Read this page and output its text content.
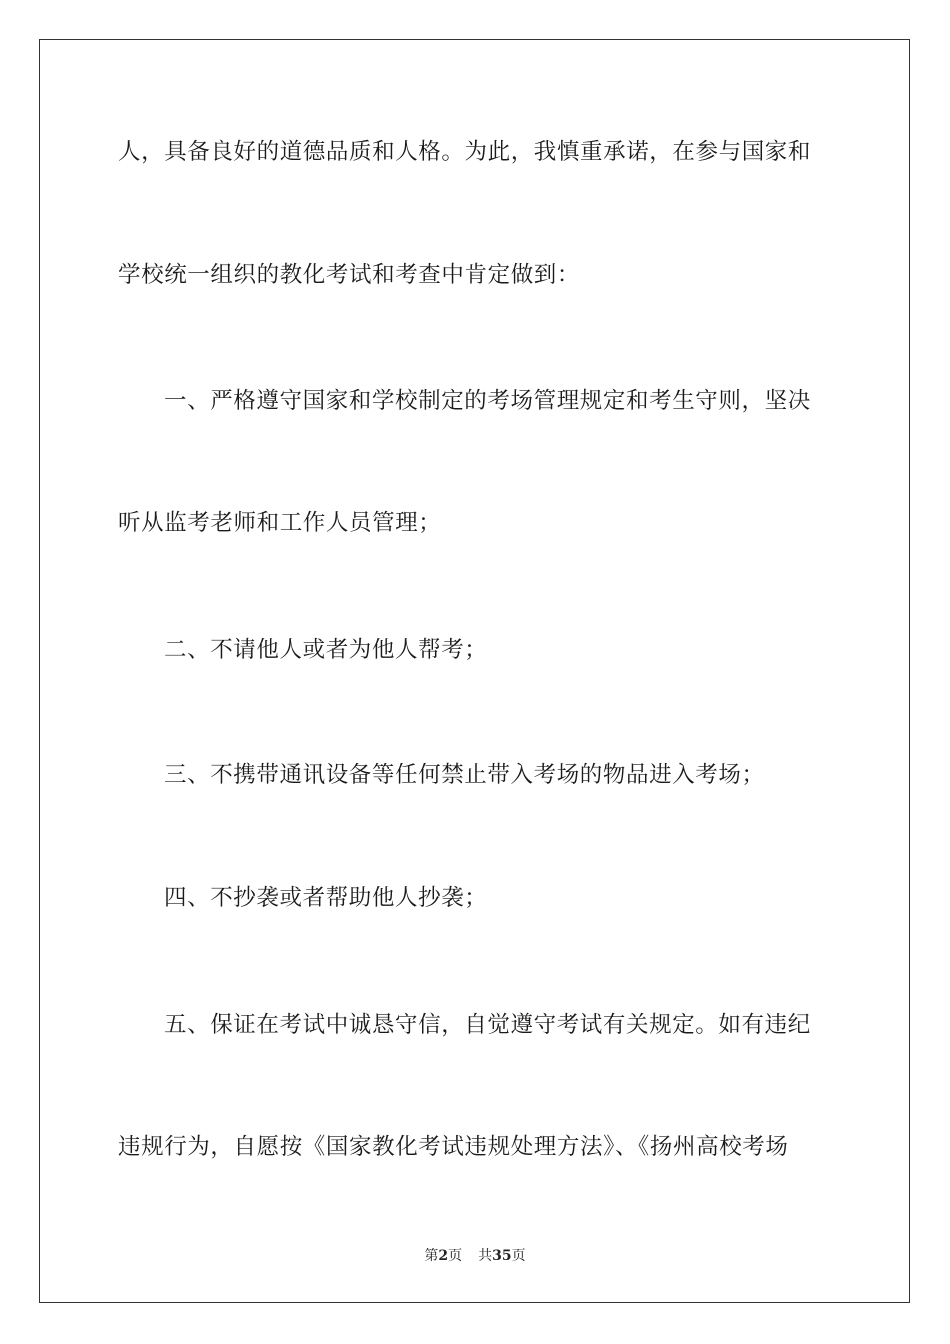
人，具备良好的道德品质和人格。为此，我慎重承诺，在参与国家和
学校统一组织的教化考试和考查中肯定做到：
一、严格遵守国家和学校制定的考场管理规定和考生守则，坚决
听从监考老师和工作人员管理；
二、不请他人或者为他人帮考；
三、不携带通讯设备等任何禁止带入考场的物品进入考场；
四、不抄袭或者帮助他人抄袭；
五、保证在考试中诚恳守信，自觉遵守考试有关规定。如有违纪
违规行为，自愿按《国家教化考试违规处理方法》、《扬州高校考场
第2页 共35页
